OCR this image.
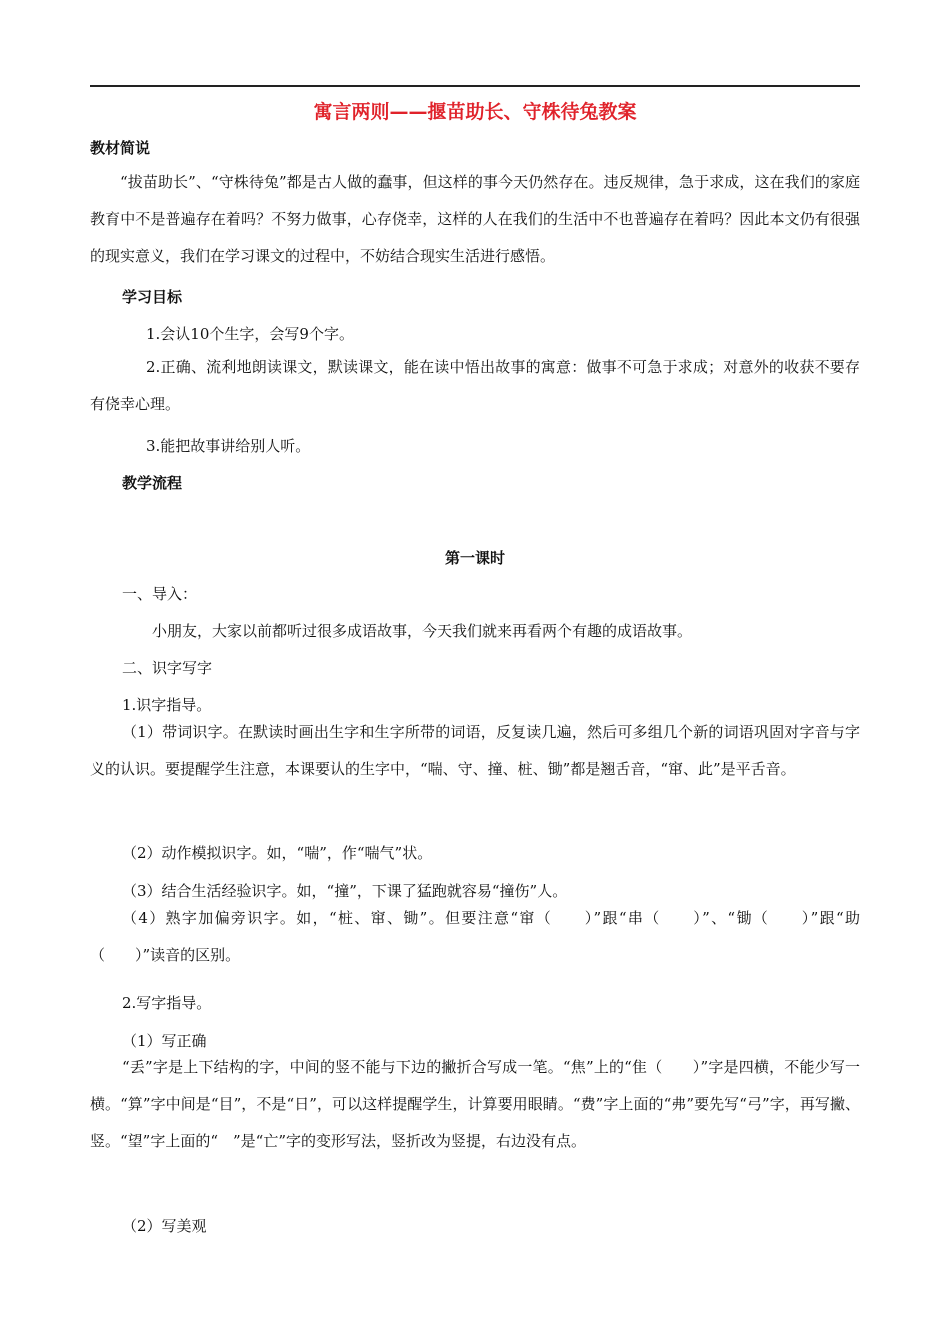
寓言两则——揠苗助长、守株待兔教案
教材简说
“拔苗助长”、“守株待兔”都是古人做的蠢事，但这样的事今天仍然存在。违反规律，急于求成，这在我们的家庭教育中不是普遍存在着吗？不努力做事，心存侥幸，这样的人在我们的生活中不也普遍存在着吗？因此本文仍有很强的现实意义，我们在学习课文的过程中，不妨结合现实生活进行感悟。
学习目标
1.会认10个生字，会写9个字。
2.正确、流利地朗读课文，默读课文，能在读中悟出故事的寓意：做事不可急于求成；对意外的收获不要存有侥幸心理。
3.能把故事讲给别人听。
教学流程
第一课时
一、导入：
小朋友，大家以前都听过很多成语故事，今天我们就来再看两个有趣的成语故事。
二、识字写字
1.识字指导。
（1）带词识字。在默读时画出生字和生字所带的词语，反复读几遍，然后可多组几个新的词语巩固对字音与字义的认识。要提醒学生注意，本课要认的生字中，“喘、守、撞、桩、锄”都是翘舌音，“窜、此”是平舌音。
（2）动作模拟识字。如，“喘”，作“喘气”状。
（3）结合生活经验识字。如，“撞”，下课了猛跑就容易“撞伤”人。
（4）熟字加偏旁识字。如，“桩、窜、锄”。但要注意“窜（　　）”跟“串（　　）”、“锄（　　）”跟“助（　　）”读音的区别。
2.写字指导。
（1）写正确
“丢”字是上下结构的字，中间的竖不能与下边的撇折合写成一笔。“焦”上的“隹（　　）”字是四横，不能少写一横。“算”字中间是“目”，不是“日”，可以这样提醒学生，计算要用眼睛。“费”字上面的“弗”要先写“弓”字，再写撇、竖。“望”字上面的“　”是“亡”字的变形写法，竖折改为竖提，右边没有点。
（2）写美观
